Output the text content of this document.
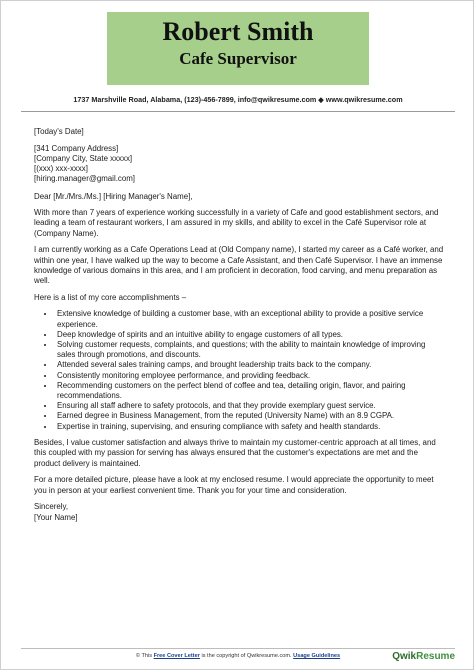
Robert Smith
Cafe Supervisor
1737 Marshville Road, Alabama, (123)-456-7899, info@qwikresume.com ◆ www.qwikresume.com

[Today's Date]

[341 Company Address]

[Company City, State xxxxx]

[(xxx) xxx-xxxx]

[hiring.manager@gmail.com]

Dear [Mr./Mrs./Ms.] [Hiring Manager's Name],

With more than 7 years of experience working successfully in a variety of Cafe and good establishment sectors, and leading a team of restaurant workers, I am assured in my skills, and ability to excel in the Café Supervisor role at (Company Name).

I am currently working as a Cafe Operations Lead at (Old Company name), I started my career as a Café worker, and within one year, I have walked up the way to become a Cafe Assistant, and then Café Supervisor. I have an immense knowledge of various domains in this area, and I am proficient in decoration, food carving, and menu preparation as well.

Here is a list of my core accomplishments –

• Extensive knowledge of building a customer base, with an exceptional ability to provide a positive service experience.
• Deep knowledge of spirits and an intuitive ability to engage customers of all types.
• Solving customer requests, complaints, and questions; with the ability to maintain knowledge of improving sales through promotions, and discounts.
• Attended several sales training camps, and brought leadership traits back to the company.
• Consistently monitoring employee performance, and providing feedback.
• Recommending customers on the perfect blend of coffee and tea, detailing origin, flavor, and pairing recommendations.
• Ensuring all staff adhere to safety protocols, and that they provide exemplary guest service.
• Earned degree in Business Management, from the reputed (University Name) with an 8.9 CGPA.
• Expertise in training, supervising, and ensuring compliance with safety and health standards.

Besides, I value customer satisfaction and always thrive to maintain my customer-centric approach at all times, and this coupled with my passion for serving has always ensured that the customer's expectations are met and the product delivery is maintained.

For a more detailed picture, please have a look at my enclosed resume. I would appreciate the opportunity to meet you in person at your earliest convenient time. Thank you for your time and consideration.

Sincerely,

[Your Name]

© This Free Cover Letter is the copyright of Qwikresume.com. Usage Guidelines	QwikResume
